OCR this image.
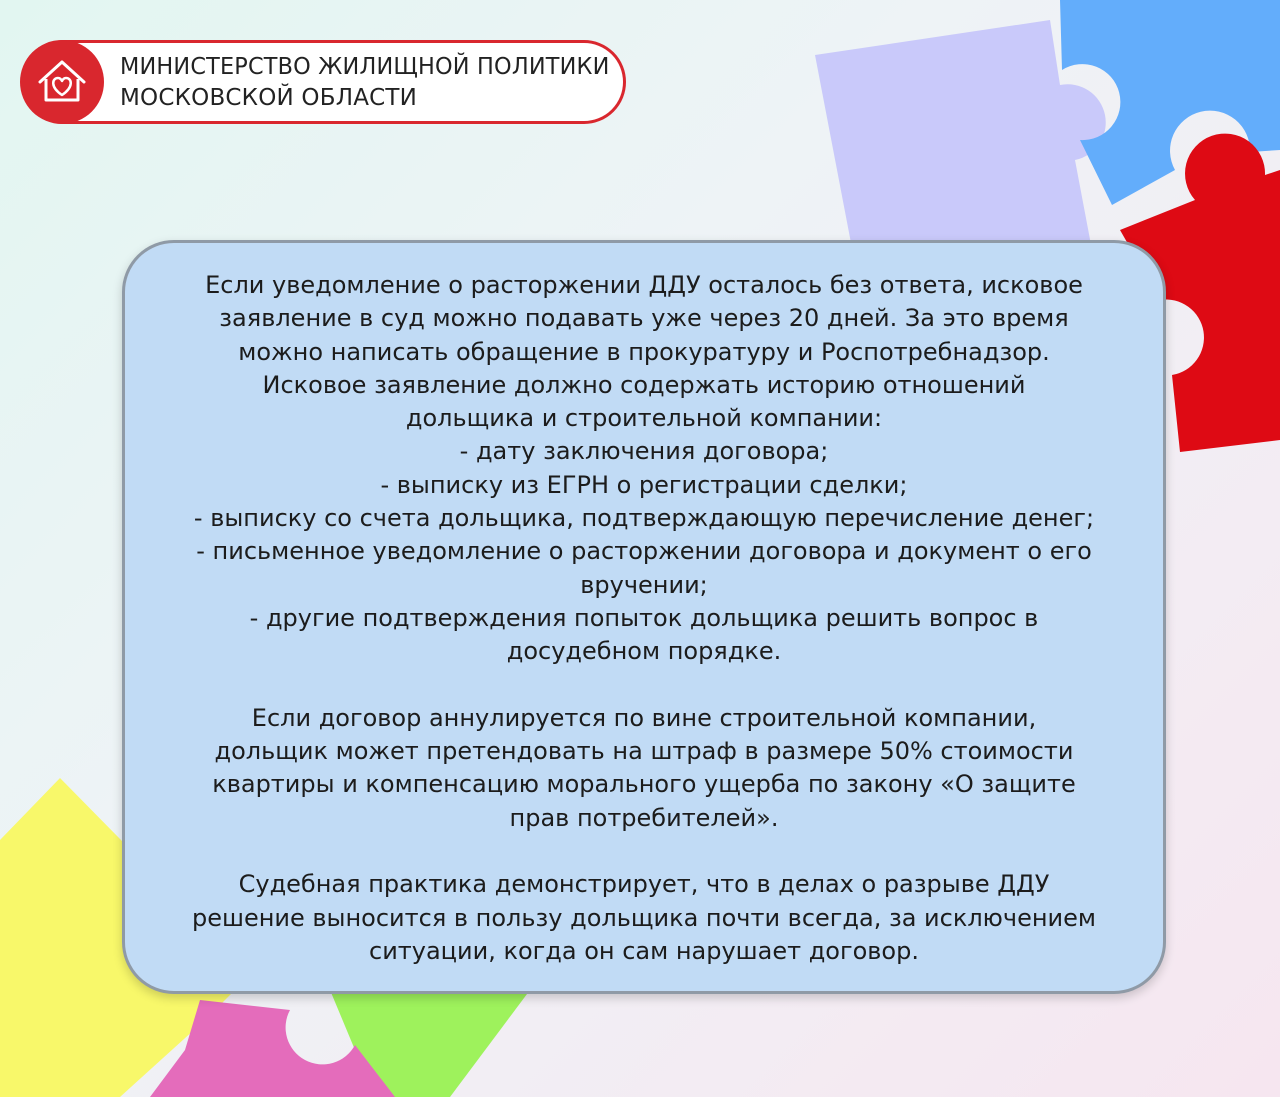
МИНИСТЕРСТВО ЖИЛИЩНОЙ ПОЛИТИКИ
МОСКОВСКОЙ ОБЛАСТИ
Если уведомление о расторжении ДДУ осталось без ответа, исковое
заявление в суд можно подавать уже через 20 дней. За это время
можно написать обращение в прокуратуру и Роспотребнадзор.
Исковое заявление должно содержать историю отношений
дольщика и строительной компании:
- дату заключения договора;
- выписку из ЕГРН о регистрации сделки;
- выписку со счета дольщика, подтверждающую перечисление денег;
- письменное уведомление о расторжении договора и документ о его
вручении;
- другие подтверждения попыток дольщика решить вопрос в
досудебном порядке.
Если договор аннулируется по вине строительной компании,
дольщик может претендовать на штраф в размере 50% стоимости
квартиры и компенсацию морального ущерба по закону «О защите
прав потребителей».
Судебная практика демонстрирует, что в делах о разрыве ДДУ
решение выносится в пользу дольщика почти всегда, за исключением
ситуации, когда он сам нарушает договор.
